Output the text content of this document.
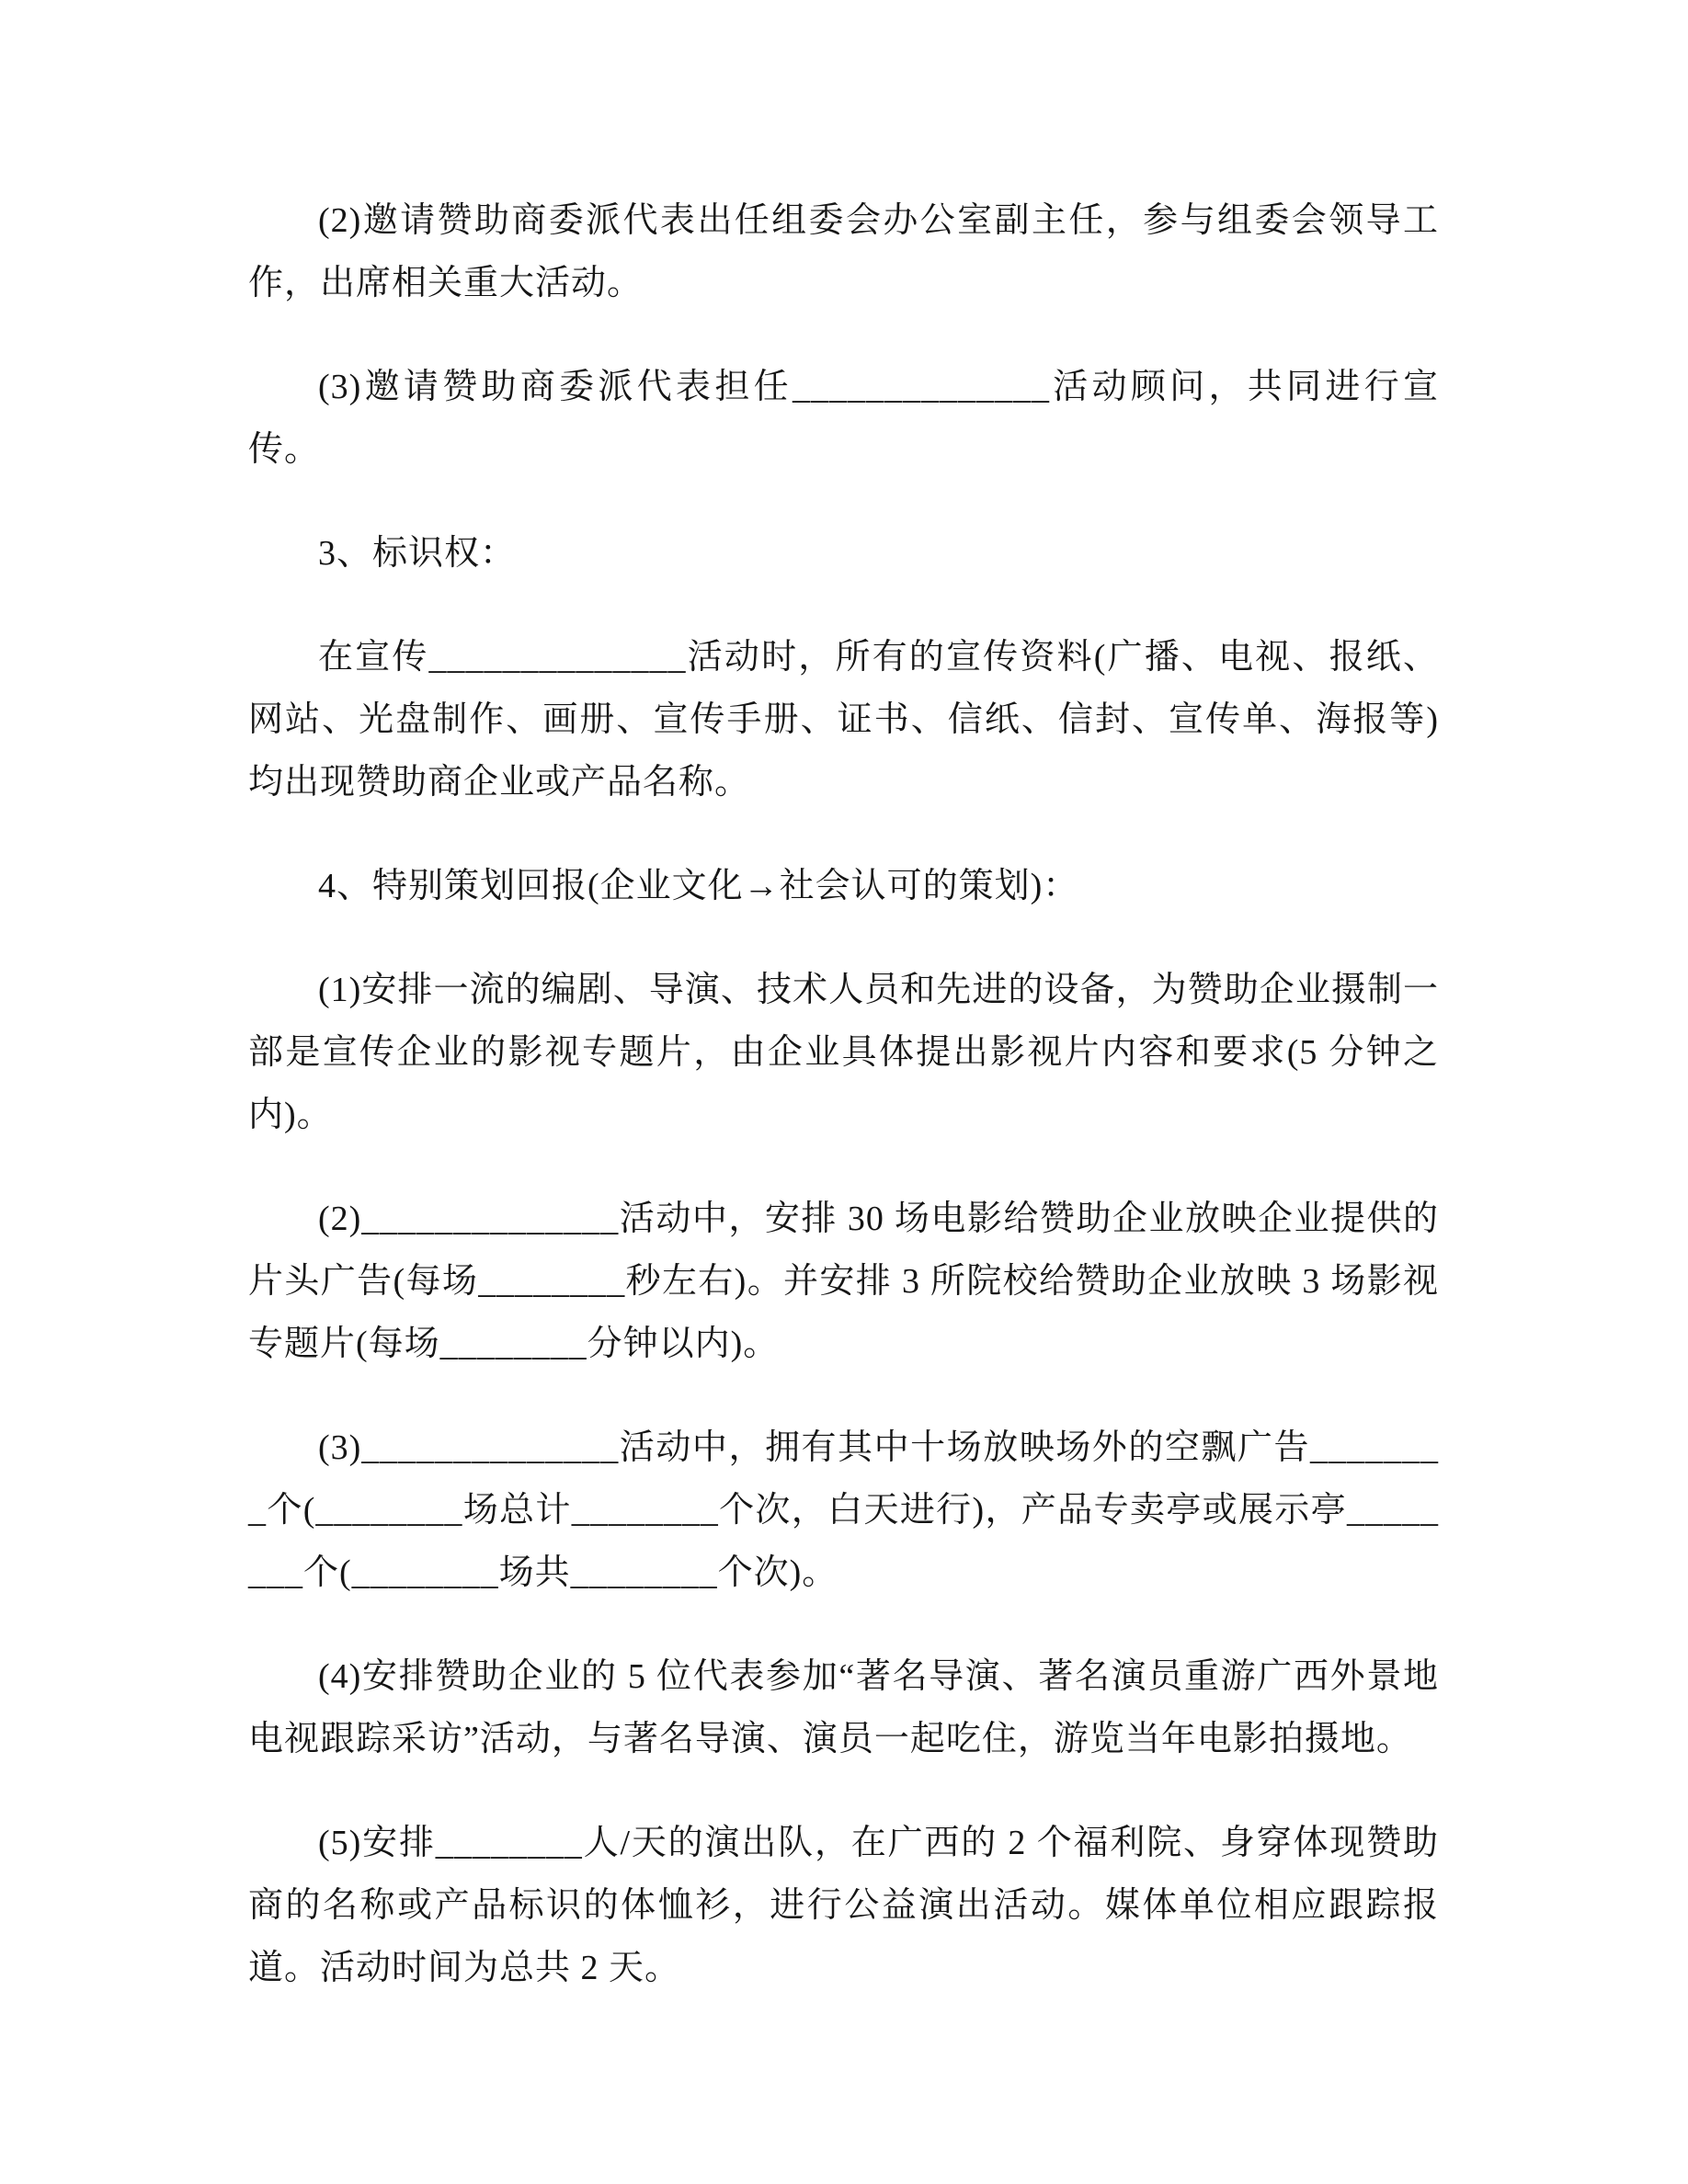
(2)邀请赞助商委派代表出任组委会办公室副主任，参与组委会领导工作，出席相关重大活动。

(3)邀请赞助商委派代表担任______________活动顾问，共同进行宣传。

3、标识权：

在宣传______________活动时，所有的宣传资料(广播、电视、报纸、网站、光盘制作、画册、宣传手册、证书、信纸、信封、宣传单、海报等)均出现赞助商企业或产品名称。

4、特别策划回报(企业文化→社会认可的策划)：

(1)安排一流的编剧、导演、技术人员和先进的设备，为赞助企业摄制一部是宣传企业的影视专题片，由企业具体提出影视片内容和要求(5 分钟之内)。

(2)______________活动中，安排 30 场电影给赞助企业放映企业提供的片头广告(每场________秒左右)。并安排 3 所院校给赞助企业放映 3 场影视专题片(每场________分钟以内)。

(3)______________活动中，拥有其中十场放映场外的空飘广告________个(________场总计________个次，白天进行)，产品专卖亭或展示亭________个(________场共________个次)。

(4)安排赞助企业的 5 位代表参加“著名导演、著名演员重游广西外景地电视跟踪采访”活动，与著名导演、演员一起吃住，游览当年电影拍摄地。

(5)安排________人/天的演出队，在广西的 2 个福利院、身穿体现赞助商的名称或产品标识的体恤衫，进行公益演出活动。媒体单位相应跟踪报道。活动时间为总共 2 天。
